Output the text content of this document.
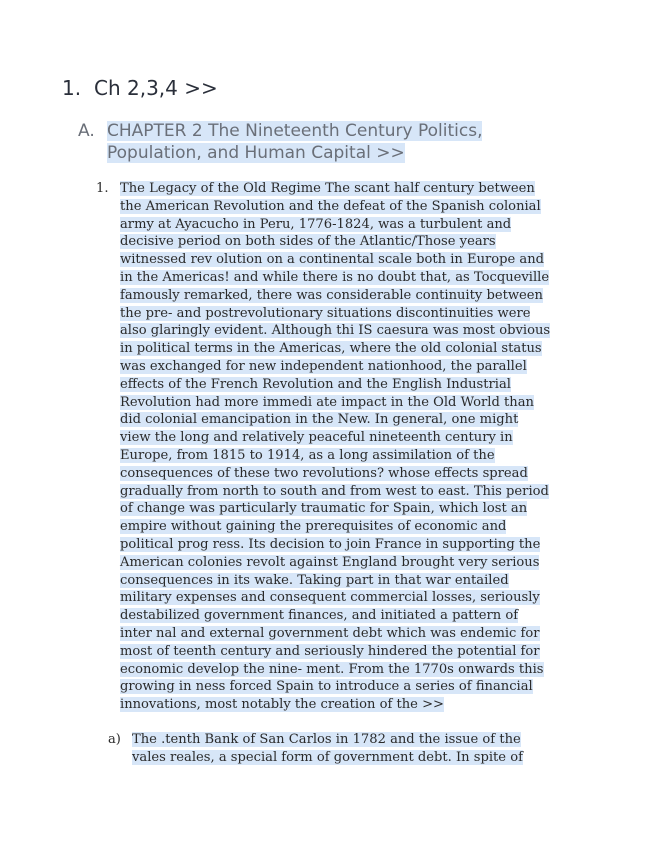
1. Ch 2,3,4 >>
A. CHAPTER 2 The Nineteenth Century Politics, Population, and Human Capital >>
1. The Legacy of the Old Regime The scant half century between
the American Revolution and the defeat of the Spanish colonial
army at Ayacucho in Peru, 1776-1824, was a turbulent and
decisive period on both sides of the Atlantic/Those years
witnessed rev olution on a continental scale both in Europe and
in the Americas! and while there is no doubt that, as Tocqueville
famously remarked, there was considerable continuity between
the pre- and postrevolutionary situations discontinuities were
also glaringly evident. Although thi IS caesura was most obvious
in political terms in the Americas, where the old colonial status
was exchanged for new independent nationhood, the parallel
effects of the French Revolution and the English Industrial
Revolution had more immedi ate impact in the Old World than
did colonial emancipation in the New. In general, one might
view the long and relatively peaceful nineteenth century in
Europe, from 1815 to 1914, as a long assimilation of the
consequences of these two revolutions? whose effects spread
gradually from north to south and from west to east. This period
of change was particularly traumatic for Spain, which lost an
empire without gaining the prerequisites of economic and
political prog ress. Its decision to join France in supporting the
American colonies revolt against England brought very serious
consequences in its wake. Taking part in that war entailed
military expenses and consequent commercial losses, seriously
destabilized government finances, and initiated a pattern of
inter nal and external government debt which was endemic for
most of teenth century and seriously hindered the potential for
economic develop the nine- ment. From the 1770s onwards this
growing in ness forced Spain to introduce a series of financial
innovations, most notably the creation of the >>
a) The .tenth Bank of San Carlos in 1782 and the issue of the
vales reales, a special form of government debt. In spite of
